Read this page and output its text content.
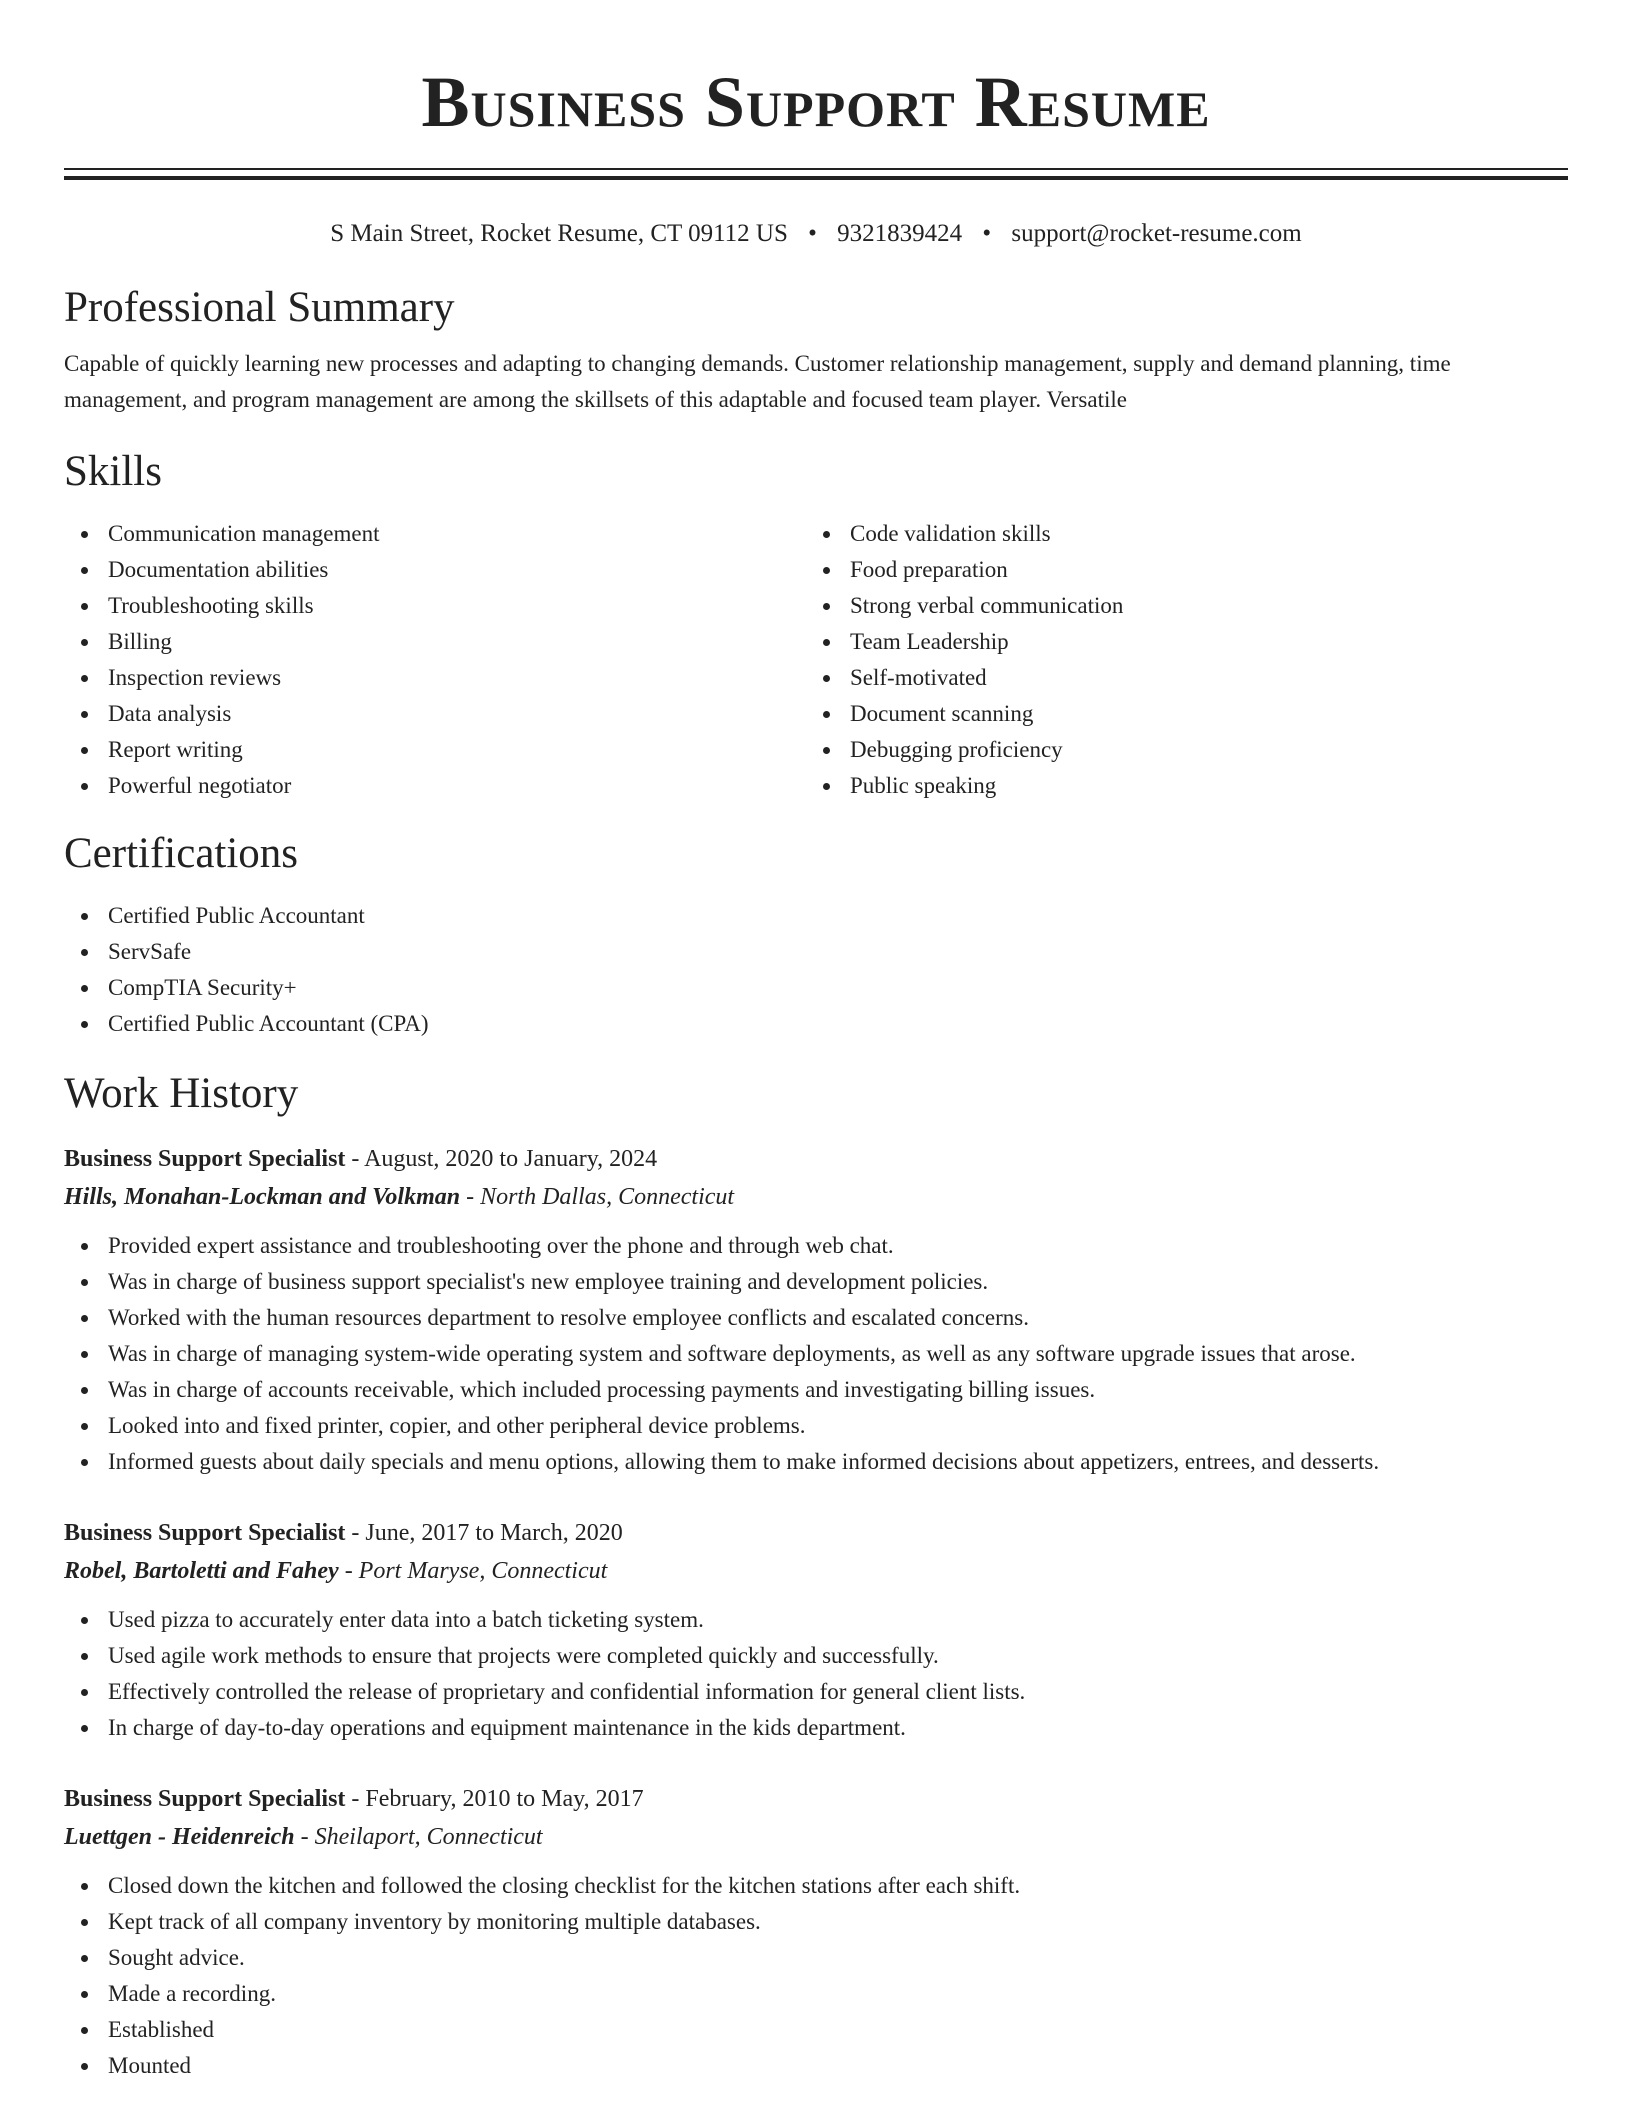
Business Support Resume
S Main Street, Rocket Resume, CT 09112 US • 9321839424 • support@rocket-resume.com
Professional Summary

Capable of quickly learning new processes and adapting to changing demands. Customer relationship management, supply and demand planning, time management, and program management are among the skillsets of this adaptable and focused team player. Versatile

Skills
Communication management
Documentation abilities
Troubleshooting skills
Billing
Inspection reviews
Data analysis
Report writing
Powerful negotiator
Code validation skills
Food preparation
Strong verbal communication
Team Leadership
Self-motivated
Document scanning
Debugging proficiency
Public speaking
Certifications
Certified Public Accountant
ServSafe
CompTIA Security+
Certified Public Accountant (CPA)
Work History
Business Support Specialist - August, 2020 to January, 2024
Hills, Monahan-Lockman and Volkman - North Dallas, Connecticut
Provided expert assistance and troubleshooting over the phone and through web chat.
Was in charge of business support specialist's new employee training and development policies.
Worked with the human resources department to resolve employee conflicts and escalated concerns.
Was in charge of managing system-wide operating system and software deployments, as well as any software upgrade issues that arose.
Was in charge of accounts receivable, which included processing payments and investigating billing issues.
Looked into and fixed printer, copier, and other peripheral device problems.
Informed guests about daily specials and menu options, allowing them to make informed decisions about appetizers, entrees, and desserts.
Business Support Specialist - June, 2017 to March, 2020
Robel, Bartoletti and Fahey - Port Maryse, Connecticut
Used pizza to accurately enter data into a batch ticketing system.
Used agile work methods to ensure that projects were completed quickly and successfully.
Effectively controlled the release of proprietary and confidential information for general client lists.
In charge of day-to-day operations and equipment maintenance in the kids department.
Business Support Specialist - February, 2010 to May, 2017
Luettgen - Heidenreich - Sheilaport, Connecticut
Closed down the kitchen and followed the closing checklist for the kitchen stations after each shift.
Kept track of all company inventory by monitoring multiple databases.
Sought advice.
Made a recording.
Established
Mounted
